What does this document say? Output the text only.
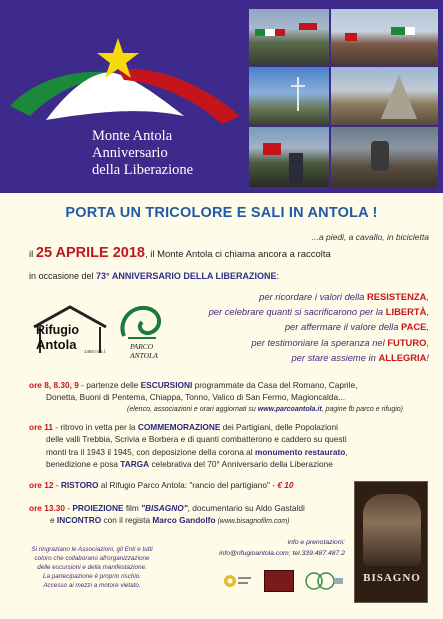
Monte Antola
Anniversario
della Liberazione
PORTA UN TRICOLORE E SALI IN ANTOLA !
...a piedi, a cavallo, in bicicletta
il 25 APRILE 2018, il Monte Antola ci chiama ancora a raccolta
in occasione del 73° ANNIVERSARIO DELLA LIBERAZIONE:
Rifugio
Antola 1460 m.s.l.
PARCO
ANTOLA
per ricordare i valori della RESISTENZA,
per celebrare quanti si sacrificarono per la LIBERTÀ,
per affermare il valore della PACE,
per testimoniare la speranza nel FUTURO,
per stare assieme in ALLEGRIA!
ore 8, 8.30, 9 - partenze delle ESCURSIONI programmate da Casa del Romano, Caprile,
Donetta, Buoni di Pentema, Chiappa, Tonno, Valico di San Fermo, Magioncalda...
(elenco, associazioni e orari aggiornati su www.parcoantola.it, pagine fb parco e rifugio)
ore 11 - ritrovo in vetta per la COMMEMORAZIONE dei Partigiani, delle Popolazioni
delle valli Trebbia, Scrivia e Borbera e di quanti combatterono e caddero su questi
monti tra il 1943 il 1945, con deposizione della corona al monumento restaurato,
benedizione e posa TARGA celebrativa del 70° Anniversario della Liberazione
ore 12 - RISTORO al Rifugio Parco Antola: "rancio del partigiano" - € 10
ore 13.30 - PROIEZIONE film "BISAGNO", documentario su Aldo Gastaldi
e INCONTRO con il regista Marco Gandolfo (www.bisagnofilm.com)
BISAGNO
Si ringraziano le Associazioni, gli Enti e tutti
coloro che collaborano all'organizzazione
delle escursioni e della manifestazione.
La partecipazione è proprio rischio.
Accesso ai mezzi a motore vietato.
info e prenotazioni:
info@rifugioantola.com; tel.339.487.487.2
